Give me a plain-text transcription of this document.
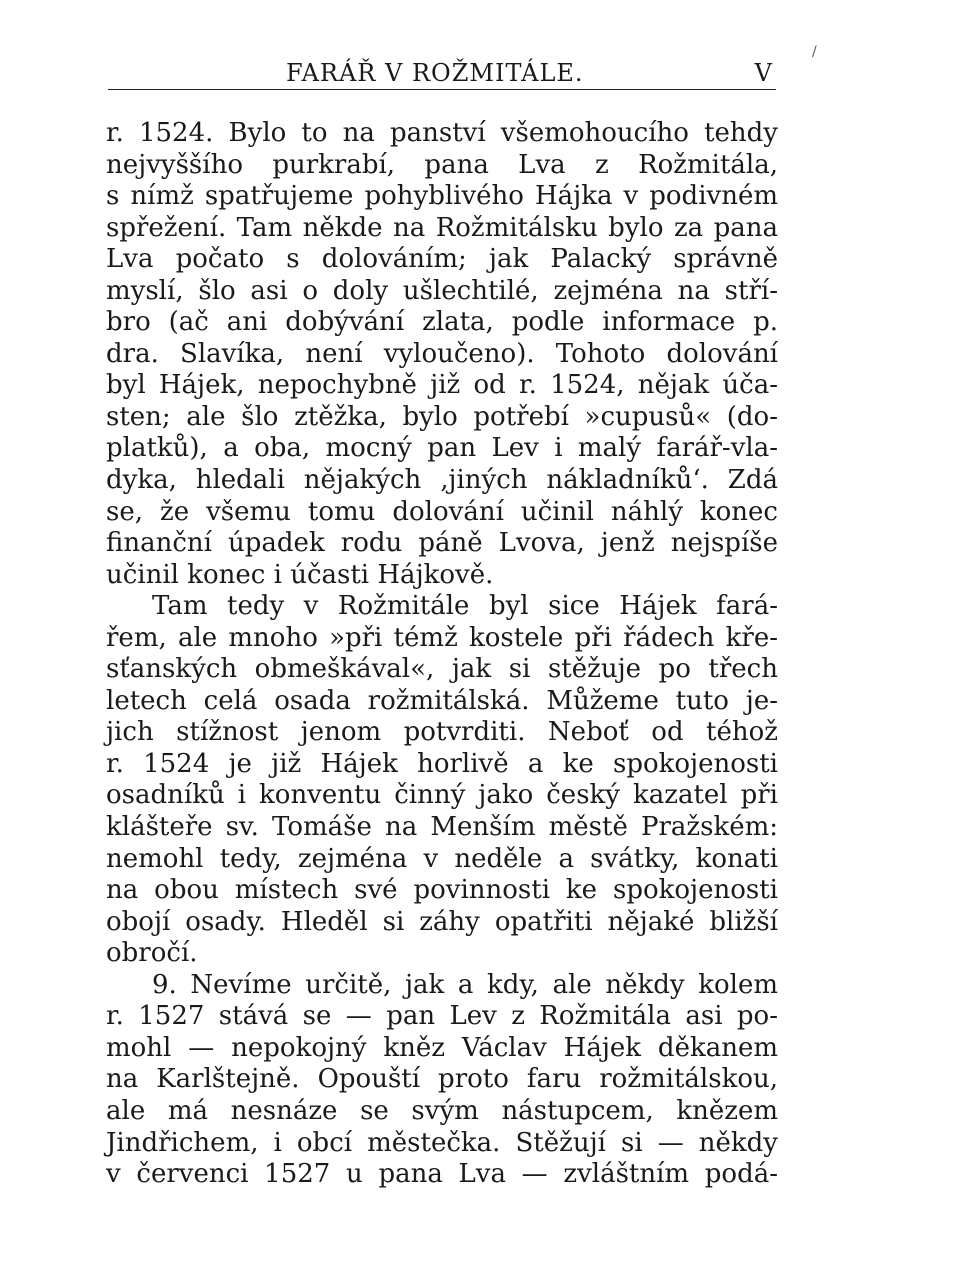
/
FARÁŘ V ROŽMITÁLE.	V
r. 1524. Bylo to na panství všemohoucího tehdy
nejvyššího purkrabí, pana Lva z Rožmitála,
s nímž spatřujeme pohyblivého Hájka v podivném
spřežení. Tam někde na Rožmitálsku bylo za pana
Lva počato s dolováním; jak Palacký správně
myslí, šlo asi o doly ušlechtilé, zejména na stří-
bro (ač ani dobývání zlata, podle informace p.
dra. Slavíka, není vyloučeno). Tohoto dolování
byl Hájek, nepochybně již od r. 1524, nějak úča-
sten; ale šlo ztěžka, bylo potřebí »cupusů« (do-
platků), a oba, mocný pan Lev i malý farář-vla-
dyka, hledali nějakých ‚jiných nákladníků‘. Zdá
se, že všemu tomu dolování učinil náhlý konec
finanční úpadek rodu páně Lvova, jenž nejspíše
učinil konec i účasti Hájkově.
Tam tedy v Rožmitále byl sice Hájek fará-
řem, ale mnoho »při témž kostele při řádech kře-
sťanských obmeškával«, jak si stěžuje po třech
letech celá osada rožmitálská. Můžeme tuto je-
jich stížnost jenom potvrditi. Neboť od téhož
r. 1524 je již Hájek horlivě a ke spokojenosti
osadníků i konventu činný jako český kazatel při
klášteře sv. Tomáše na Menším městě Pražském:
nemohl tedy, zejména v neděle a svátky, konati
na obou místech své povinnosti ke spokojenosti
obojí osady. Hleděl si záhy opatřiti nějaké bližší
obročí.
9. Nevíme určitě, jak a kdy, ale někdy kolem
r. 1527 stává se — pan Lev z Rožmitála asi po-
mohl — nepokojný kněz Václav Hájek děkanem
na Karlštejně. Opouští proto faru rožmitálskou,
ale má nesnáze se svým nástupcem, knězem
Jindřichem, i obcí městečka. Stěžují si — někdy
v červenci 1527 u pana Lva — zvláštním podá-
